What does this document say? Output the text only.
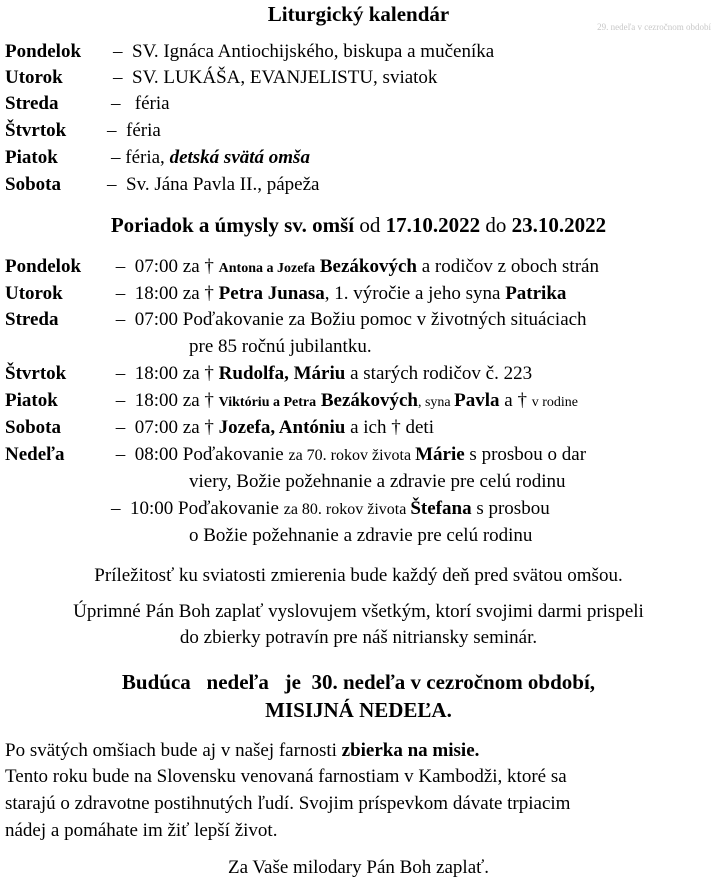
29. nedeľa v cezročnom období
Liturgický kalendár
Pondelok – SV. Ignáca Antiochijského, biskupa a mučeníka
Utorok	– SV. LUKÁŠA, EVANJELISTU, sviatok
Streda	– féria
Štvrtok – féria
Piatok	– féria, detská svätá omša
Sobota – Sv. Jána Pavla II., pápeža
Poriadok a úmysly sv. omší od 17.10.2022 do 23.10.2022
Pondelok –  07:00 za † Antona a Jozefa Bezákových a rodičov z oboch strán
Utorok	–  18:00 za † Petra Junasa, 1. výročie a jeho syna Patrika
Streda	–  07:00 Poďakovanie za Božiu pomoc v životných situáciach
pre 85 ročnú jubilantku.
Štvrtok –  18:00 za † Rudolfa, Máriu a starých rodičov č. 223
Piatok	–  18:00 za † Viktóriu a Petra Bezákových, syna Pavla a † v rodine
Sobota	–  07:00 za † Jozefa, Antóniu a ich † deti
Nedeľa –  08:00 Poďakovanie za 70. rokov života Márie s prosbou o dar
viery, Božie požehnanie a zdravie pre celú rodinu
–  10:00 Poďakovanie za 80. rokov života Štefana s prosbou
o Božie požehnanie a zdravie pre celú rodinu
Príležitosť ku sviatosti zmierenia bude každý deň pred svätou omšou.
Úprimné Pán Boh zaplať vyslovujem všetkým, ktorí svojimi darmi prispeli
do zbierky potravín pre náš nitriansky seminár.
Budúca   nedeľa   je  30. nedeľa v cezročnom období,
MISIJNÁ NEDEĽA.
Po svätých omšiach bude aj v našej farnosti zbierka na misie.
Tento roku bude na Slovensku venovaná farnostiam v Kambodži, ktoré sa
starajú o zdravotne postihnutých ľudí. Svojim príspevkom dávate trpiacim
nádej a pomáhate im žiť lepší život.
Za Vaše milodary Pán Boh zaplať.
